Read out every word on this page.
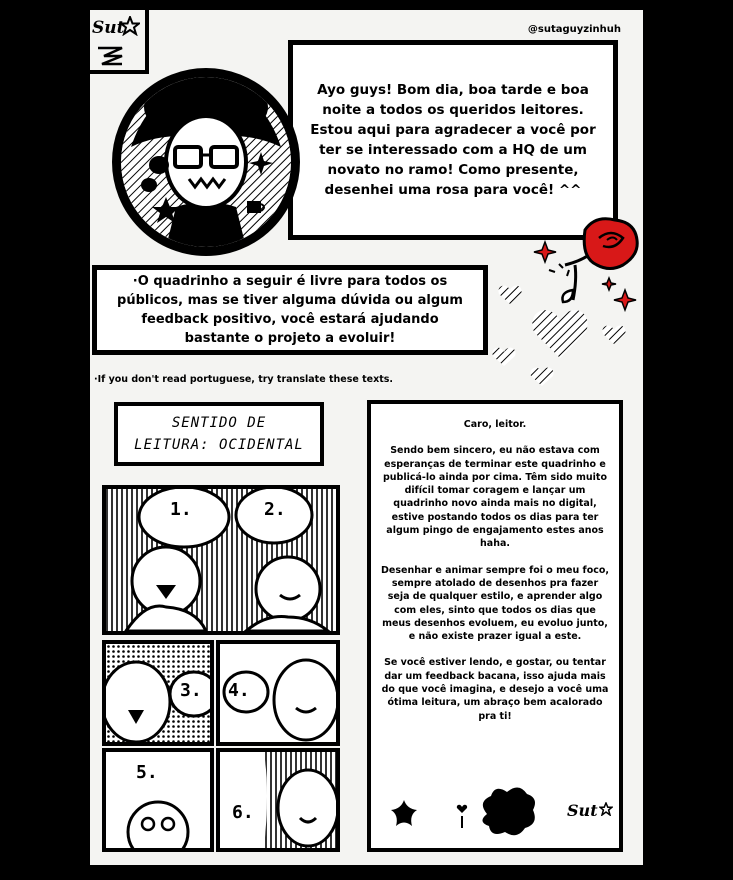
Sut	@sutaguyzinhuh
Ayo guys! Bom dia, boa tarde e boa noite a todos os queridos leitores. Estou aqui para agradecer a você por ter se interessado com a HQ de um novato no ramo! Como presente, desenhei uma rosa para você! ^^
·O quadrinho a seguir é livre para todos os públicos, mas se tiver alguma dúvida ou algum feedback positivo, você estará ajudando bastante o projeto a evoluir!
·If you don't read portuguese, try translate these texts.
SENTIDO DE
LEITURA: OCIDENTAL
1.	2.
3. 4.
5.
6.

Caro, leitor.

Sendo bem sincero, eu não estava com esperanças de terminar este quadrinho e publicá-lo ainda por cima. Têm sido muito difícil tomar coragem e lançar um quadrinho novo ainda mais no digital, estive postando todos os dias para ter algum pingo de engajamento estes anos haha.

Desenhar e animar sempre foi o meu foco, sempre atolado de desenhos pra fazer seja de qualquer estilo, e aprender algo com eles, sinto que todos os dias que meus desenhos evoluem, eu evoluo junto, e não existe prazer igual a este.

Se você estiver lendo, e gostar, ou tentar dar um feedback bacana, isso ajuda mais do que você imagina, e desejo a você uma ótima leitura, um abraço bem acalorado pra ti!

Sut
